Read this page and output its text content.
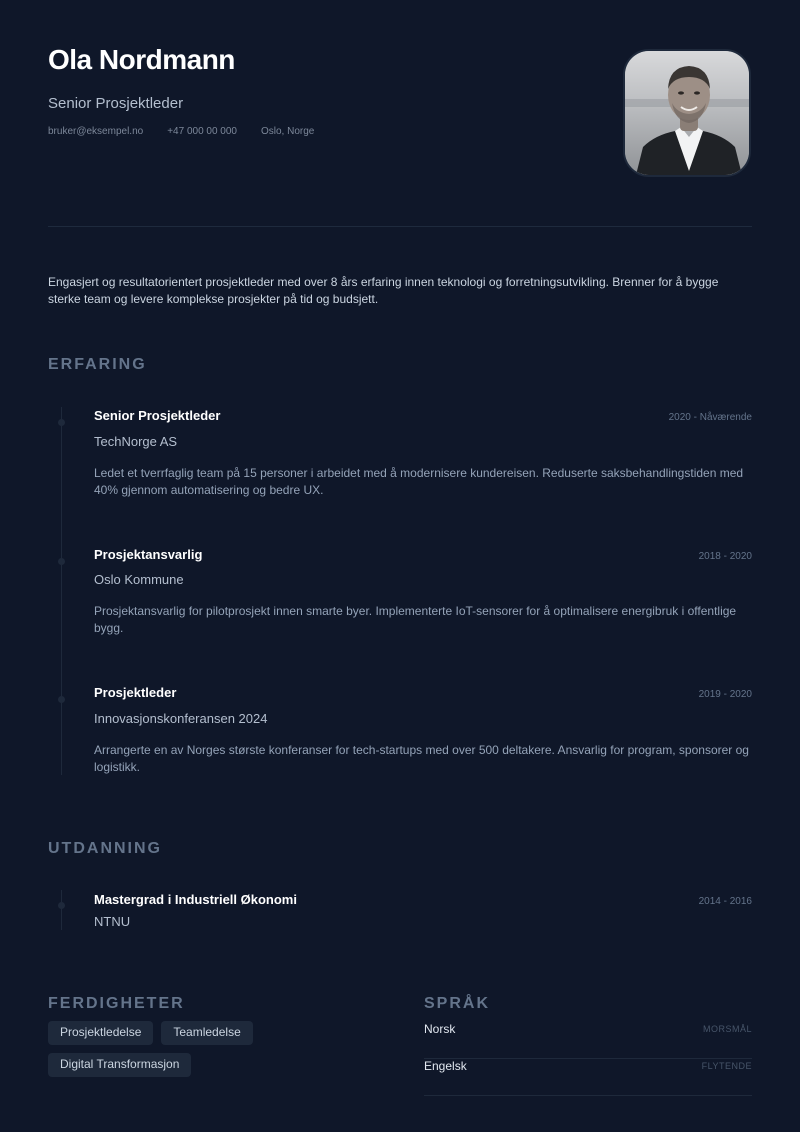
Ola Nordmann
Senior Prosjektleder
bruker@eksempel.no +47 000 00 000 Oslo, Norge

Engasjert og resultatorientert prosjektleder med over 8 års erfaring innen teknologi og forretningsutvikling. Brenner for å bygge sterke team og levere komplekse prosjekter på tid og budsjett.

ERFARING
Senior Prosjektleder	2020 - Nåværende
TechNorge AS
Ledet et tverrfaglig team på 15 personer i arbeidet med å modernisere kundereisen. Reduserte saksbehandlingstiden med 40% gjennom automatisering og bedre UX.
Prosjektansvarlig	2018 - 2020
Oslo Kommune
Prosjektansvarlig for pilotprosjekt innen smarte byer. Implementerte IoT-sensorer for å optimalisere energibruk i offentlige bygg.
Prosjektleder	2019 - 2020
Innovasjonskonferansen 2024
Arrangerte en av Norges største konferanser for tech-startups med over 500 deltakere. Ansvarlig for program, sponsorer og logistikk.
UTDANNING
Mastergrad i Industriell Økonomi	2014 - 2016
NTNU
FERDIGHETER
Prosjektledelse	Teamledelse
Digital Transformasjon
SPRÅK
Norsk	MORSMÅL
Engelsk	FLYTENDE
